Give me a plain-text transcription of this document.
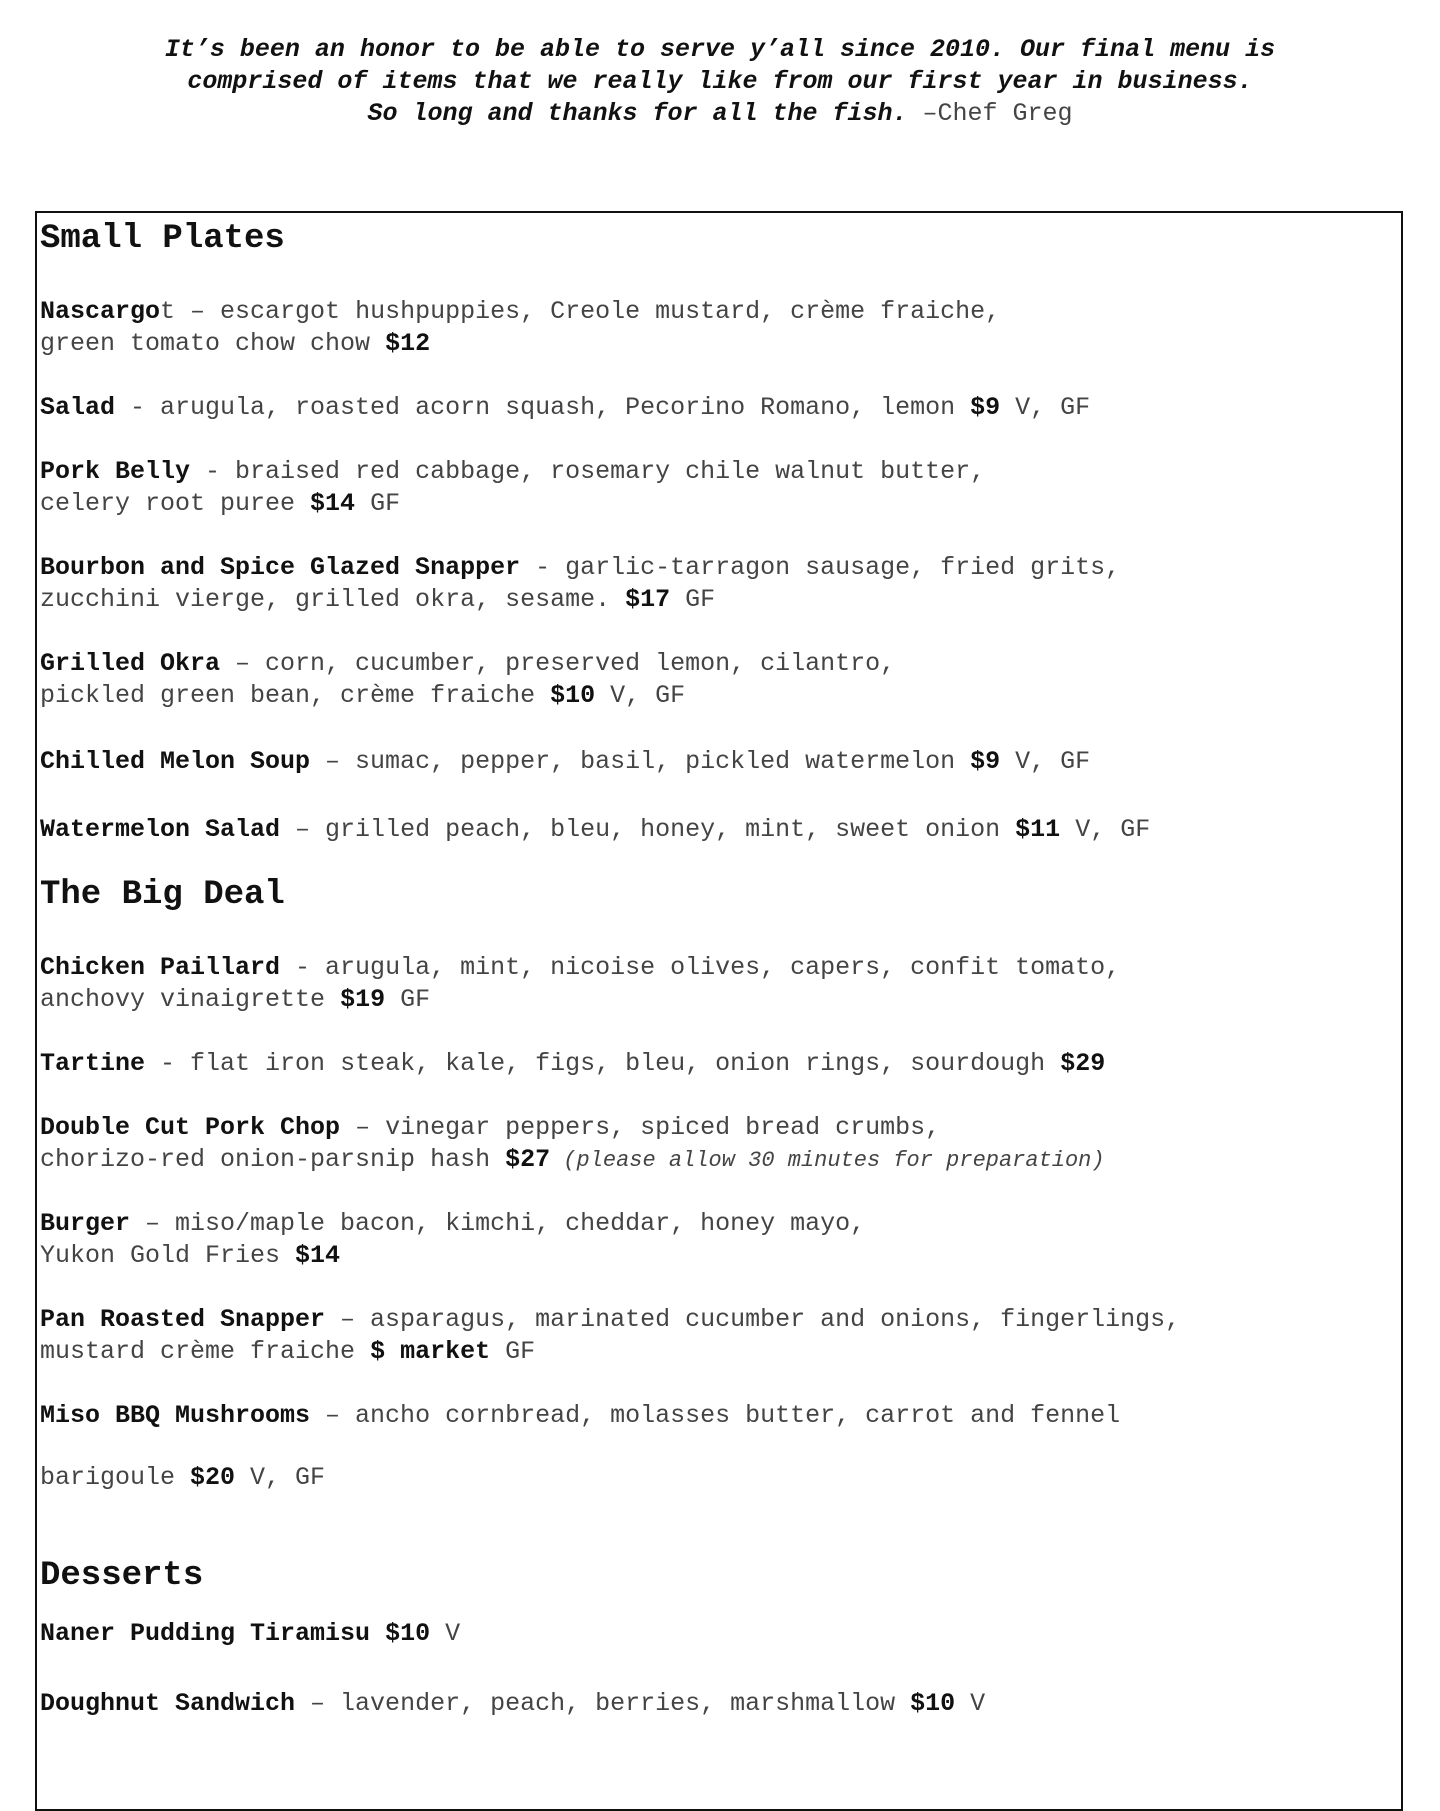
It’s been an honor to be able to serve y’all since 2010. Our final menu is
comprised of items that we really like from our first year in business.
So long and thanks for all the fish. –Chef Greg
Small Plates
Nascargot – escargot hushpuppies, Creole mustard, crème fraiche,
green tomato chow chow $12
Salad - arugula, roasted acorn squash, Pecorino Romano, lemon $9 V, GF
Pork Belly - braised red cabbage, rosemary chile walnut butter,
celery root puree $14 GF
Bourbon and Spice Glazed Snapper - garlic-tarragon sausage, fried grits,
zucchini vierge, grilled okra, sesame. $17 GF
Grilled Okra – corn, cucumber, preserved lemon, cilantro,
pickled green bean, crème fraiche $10 V, GF
Chilled Melon Soup – sumac, pepper, basil, pickled watermelon $9 V, GF
Watermelon Salad – grilled peach, bleu, honey, mint, sweet onion $11 V, GF
The Big Deal
Chicken Paillard - arugula, mint, nicoise olives, capers, confit tomato,
anchovy vinaigrette $19 GF
Tartine - flat iron steak, kale, figs, bleu, onion rings, sourdough $29
Double Cut Pork Chop – vinegar peppers, spiced bread crumbs,
chorizo-red onion-parsnip hash $27 (please allow 30 minutes for preparation)
Burger – miso/maple bacon, kimchi, cheddar, honey mayo,
Yukon Gold Fries $14
Pan Roasted Snapper – asparagus, marinated cucumber and onions, fingerlings,
mustard crème fraiche $ market GF
Miso BBQ Mushrooms – ancho cornbread, molasses butter, carrot and fennel
barigoule $20 V, GF
Desserts
Naner Pudding Tiramisu $10 V
Doughnut Sandwich – lavender, peach, berries, marshmallow $10 V
